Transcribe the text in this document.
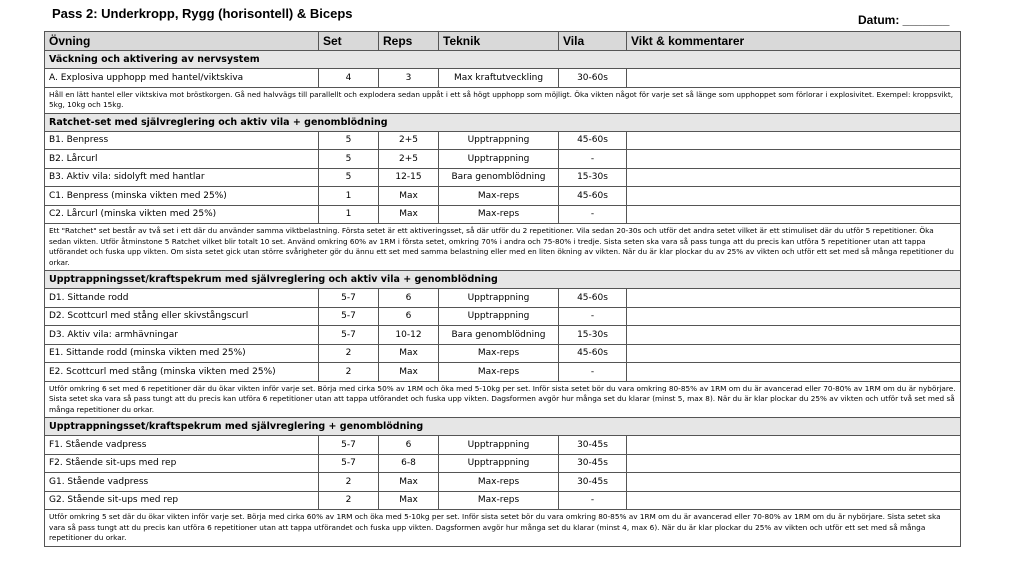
Pass 2: Underkropp, Rygg (horisontell) & Biceps	Datum: _______
Övning	Set	Reps	Teknik	Vila	Vikt & kommentarer
Väckning och aktivering av nervsystem					
A. Explosiva upphopp med hantel/viktskiva	4	3	Max kraftutveckling	30-60s	
Håll en lätt hantel eller viktskiva mot bröstkorgen. Gå ned halvvägs till parallellt och explodera sedan uppåt i ett så högt upphopp som möjligt. Öka vikten något för varje set så länge som upphoppet som förlorar i explosivitet. Exempel: kroppsvikt, 5kg, 10kg och 15kg.					
Ratchet-set med självreglering och aktiv vila + genomblödning					
B1. Benpress	5	2+5	Upptrappning	45-60s	
B2. Lårcurl	5	2+5	Upptrappning	-	
B3. Aktiv vila: sidolyft med hantlar	5	12-15	Bara genomblödning	15-30s	
C1. Benpress (minska vikten med 25%)	1	Max	Max-reps	45-60s	
C2. Lårcurl (minska vikten med 25%)	1	Max	Max-reps	-	
Ett "Ratchet" set består av två set i ett där du använder samma viktbelastning. Första setet är ett aktiveringsset, så där utför du 2 repetitioner. Vila sedan 20-30s och utför det andra setet vilket är ett stimuliset där du utför 5 repetitioner. Öka sedan vikten. Utför åtminstone 5 Ratchet vilket blir totalt 10 set. Använd omkring 60% av 1RM i första setet, omkring 70% i andra och 75-80% i tredje. Sista seten ska vara så pass tunga att du precis kan utföra 5 repetitioner utan att tappa utförandet och fuska upp vikten. Om sista setet gick utan större svårigheter gör du ännu ett set med samma belastning eller med en liten ökning av vikten. När du är klar plockar du av 25% av vikten och utför ett set med så många repetitioner du orkar.					
Upptrappningsset/kraftspekrum med självreglering och aktiv vila + genomblödning					
D1. Sittande rodd	5-7	6	Upptrappning	45-60s	
D2. Scottcurl med stång eller skivstångscurl	5-7	6	Upptrappning	-	
D3. Aktiv vila: armhävningar	5-7	10-12	Bara genomblödning	15-30s	
E1. Sittande rodd (minska vikten med 25%)	2	Max	Max-reps	45-60s	
E2. Scottcurl med stång (minska vikten med 25%)	2	Max	Max-reps	-	
Utför omkring 6 set med 6 repetitioner där du ökar vikten inför varje set. Börja med cirka 50% av 1RM och öka med 5-10kg per set. Inför sista setet bör du vara omkring 80-85% av 1RM om du är avancerad eller 70-80% av 1RM om du är nybörjare. Sista setet ska vara så pass tungt att du precis kan utföra 6 repetitioner utan att tappa utförandet och fuska upp vikten. Dagsformen avgör hur många set du klarar (minst 5, max 8). När du är klar plockar du 25% av vikten och utför två set med så många repetitioner du orkar.					
Upptrappningsset/kraftspekrum med självreglering + genomblödning					
F1. Stående vadpress	5-7	6	Upptrappning	30-45s	
F2. Stående sit-ups med rep	5-7	6-8	Upptrappning	30-45s	
G1. Stående vadpress	2	Max	Max-reps	30-45s	
G2. Stående sit-ups med rep	2	Max	Max-reps	-	
Utför omkring 5 set där du ökar vikten inför varje set. Börja med cirka 60% av 1RM och öka med 5-10kg per set. Inför sista setet bör du vara omkring 80-85% av 1RM om du är avancerad eller 70-80% av 1RM om du är nybörjare. Sista setet ska vara så pass tungt att du precis kan utföra 6 repetitioner utan att tappa utförandet och fuska upp vikten. Dagsformen avgör hur många set du klarar (minst 4, max 6). När du är klar plockar du 25% av vikten och utför ett set med så många repetitioner du orkar.					
